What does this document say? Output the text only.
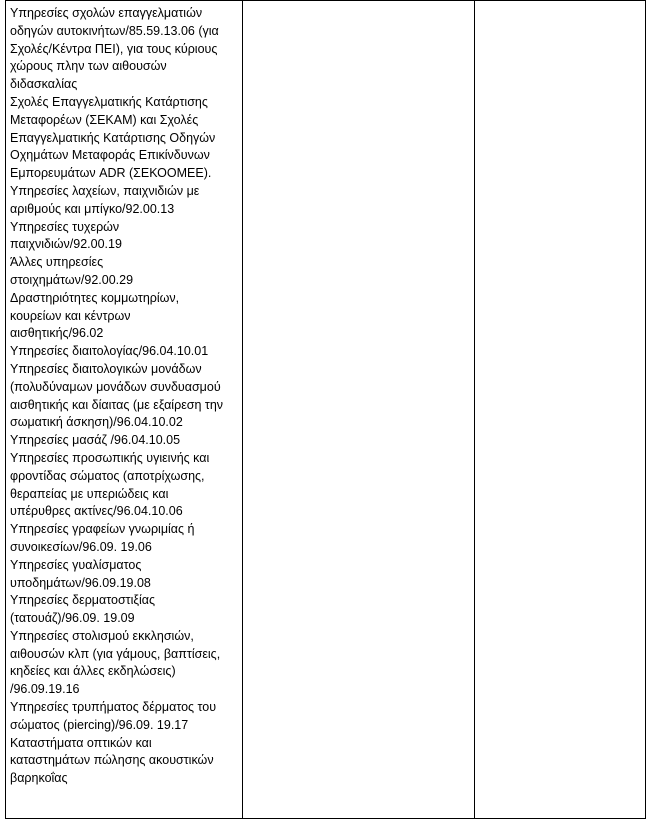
Υπηρεσίες σχολών επαγγελματιών
οδηγών αυτοκινήτων/85.59.13.06 (για
Σχολές/Κέντρα ΠΕΙ), για τους κύριους
χώρους πλην των αιθουσών
διδασκαλίας
Σχολές Επαγγελματικής Κατάρτισης
Μεταφορέων (ΣΕΚΑΜ) και Σχολές
Επαγγελματικής Κατάρτισης Οδηγών
Οχημάτων Μεταφοράς Επικίνδυνων
Εμπορευμάτων ADR (ΣΕΚΟΟΜΕΕ).
Υπηρεσίες λαχείων, παιχνιδιών με
αριθμούς και μπίγκο/92.00.13
Υπηρεσίες τυχερών
παιχνιδιών/92.00.19
Άλλες υπηρεσίες
στοιχημάτων/92.00.29
Δραστηριότητες κομμωτηρίων,
κουρείων και κέντρων
αισθητικής/96.02
Υπηρεσίες διαιτολογίας/96.04.10.01
Υπηρεσίες διαιτολογικών μονάδων
(πολυδύναμων μονάδων συνδυασμού
αισθητικής και δίαιτας (με εξαίρεση την
σωματική άσκηση)/96.04.10.02
Υπηρεσίες μασάζ /96.04.10.05
Υπηρεσίες προσωπικής υγιεινής και
φροντίδας σώματος (αποτρίχωσης,
θεραπείας με υπεριώδεις και
υπέρυθρες ακτίνες/96.04.10.06
Υπηρεσίες γραφείων γνωριμίας ή
συνοικεσίων/96.09. 19.06
Υπηρεσίες γυαλίσματος
υποδημάτων/96.09.19.08
Υπηρεσίες δερματοστιξίας
(τατουάζ)/96.09. 19.09
Υπηρεσίες στολισμού εκκλησιών,
αιθουσών κλπ (για γάμους, βαπτίσεις,
κηδείες και άλλες εκδηλώσεις)
/96.09.19.16
Υπηρεσίες τρυπήματος δέρματος του
σώματος (piercing)/96.09. 19.17
Καταστήματα οπτικών και
καταστημάτων πώλησης ακουστικών
βαρηκοΐας
